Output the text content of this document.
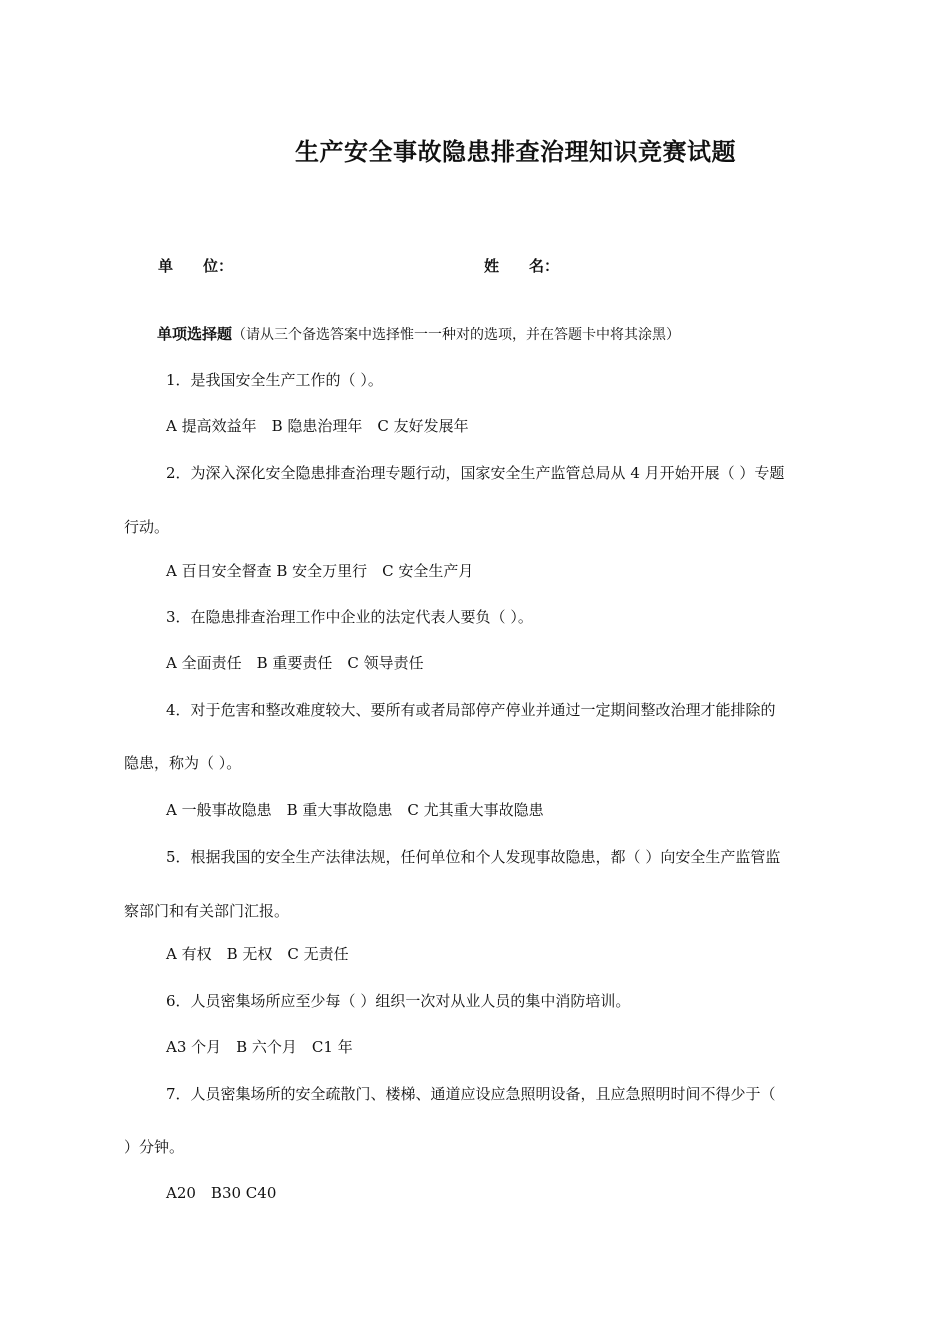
生产安全事故隐患排查治理知识竞赛试题
单　　位：	姓　　名：
单项选择题（请从三个备选答案中选择惟一一种对的选项，并在答题卡中将其涂黑）
1．是我国安全生产工作的（ ）。
A 提高效益年　B 隐患治理年　C 友好发展年
2．为深入深化安全隐患排查治理专题行动，国家安全生产监管总局从 4 月开始开展（ ）专题
行动。
A 百日安全督查 B 安全万里行　C 安全生产月
3．在隐患排查治理工作中企业的法定代表人要负（ ）。
A 全面责任　B 重要责任　C 领导责任
4．对于危害和整改难度较大、要所有或者局部停产停业并通过一定期间整改治理才能排除的
隐患，称为（ ）。
A 一般事故隐患　B 重大事故隐患　C 尤其重大事故隐患
5．根据我国的安全生产法律法规，任何单位和个人发现事故隐患，都（ ）向安全生产监管监
察部门和有关部门汇报。
A 有权　B 无权　C 无责任
6．人员密集场所应至少每（ ）组织一次对从业人员的集中消防培训。
A3 个月　B 六个月　C1 年
7．人员密集场所的安全疏散门、楼梯、通道应设应急照明设备，且应急照明时间不得少于（
）分钟。
A20　B30 C40
